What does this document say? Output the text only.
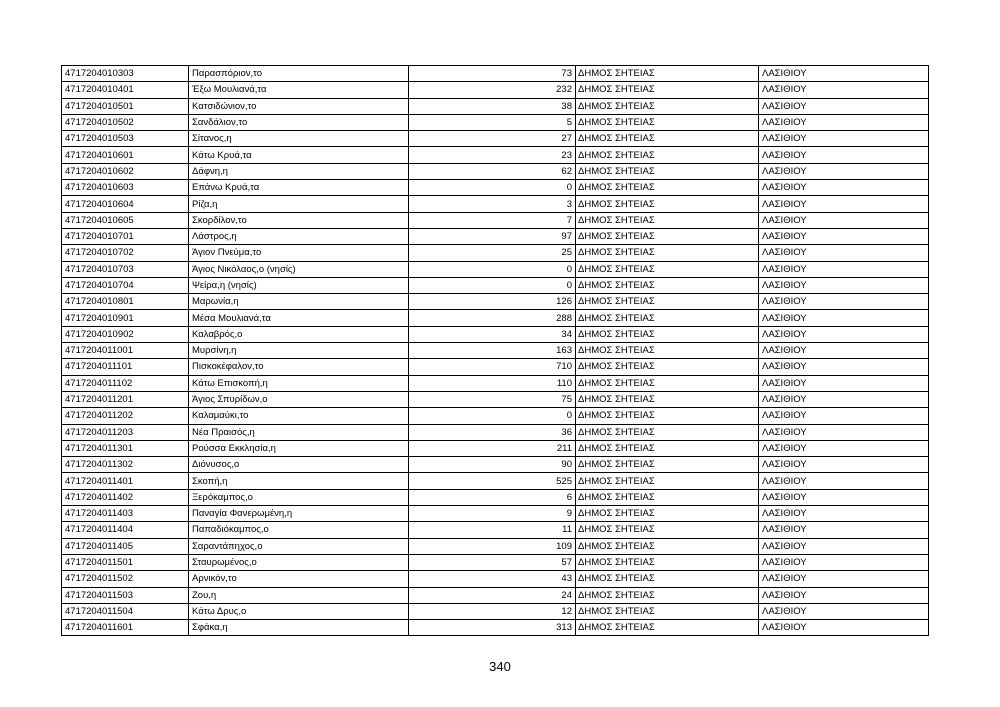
4717204010303	Παρασπόριον,το	73	ΔΗΜΟΣ ΣΗΤΕΙΑΣ	ΛΑΣΙΘΙΟΥ
4717204010401	Έξω Μουλιανά,τα	232	ΔΗΜΟΣ ΣΗΤΕΙΑΣ	ΛΑΣΙΘΙΟΥ
4717204010501	Κατσιδώνιον,το	38	ΔΗΜΟΣ ΣΗΤΕΙΑΣ	ΛΑΣΙΘΙΟΥ
4717204010502	Σανδάλιον,το	5	ΔΗΜΟΣ ΣΗΤΕΙΑΣ	ΛΑΣΙΘΙΟΥ
4717204010503	Σίτανος,η	27	ΔΗΜΟΣ ΣΗΤΕΙΑΣ	ΛΑΣΙΘΙΟΥ
4717204010601	Κάτω Κρυά,τα	23	ΔΗΜΟΣ ΣΗΤΕΙΑΣ	ΛΑΣΙΘΙΟΥ
4717204010602	Δάφνη,η	62	ΔΗΜΟΣ ΣΗΤΕΙΑΣ	ΛΑΣΙΘΙΟΥ
4717204010603	Επάνω Κρυά,τα	0	ΔΗΜΟΣ ΣΗΤΕΙΑΣ	ΛΑΣΙΘΙΟΥ
4717204010604	Ρίζα,η	3	ΔΗΜΟΣ ΣΗΤΕΙΑΣ	ΛΑΣΙΘΙΟΥ
4717204010605	Σκορδίλον,το	7	ΔΗΜΟΣ ΣΗΤΕΙΑΣ	ΛΑΣΙΘΙΟΥ
4717204010701	Λάστρος,η	97	ΔΗΜΟΣ ΣΗΤΕΙΑΣ	ΛΑΣΙΘΙΟΥ
4717204010702	Άγιον Πνεύμα,το	25	ΔΗΜΟΣ ΣΗΤΕΙΑΣ	ΛΑΣΙΘΙΟΥ
4717204010703	Άγιος Νικόλαος,ο (νησίς)	0	ΔΗΜΟΣ ΣΗΤΕΙΑΣ	ΛΑΣΙΘΙΟΥ
4717204010704	Ψείρα,η (νησίς)	0	ΔΗΜΟΣ ΣΗΤΕΙΑΣ	ΛΑΣΙΘΙΟΥ
4717204010801	Μαρωνία,η	126	ΔΗΜΟΣ ΣΗΤΕΙΑΣ	ΛΑΣΙΘΙΟΥ
4717204010901	Μέσα Μουλιανά,τα	288	ΔΗΜΟΣ ΣΗΤΕΙΑΣ	ΛΑΣΙΘΙΟΥ
4717204010902	Καλαβρός,ο	34	ΔΗΜΟΣ ΣΗΤΕΙΑΣ	ΛΑΣΙΘΙΟΥ
4717204011001	Μυρσίνη,η	163	ΔΗΜΟΣ ΣΗΤΕΙΑΣ	ΛΑΣΙΘΙΟΥ
4717204011101	Πισκοκέφαλον,το	710	ΔΗΜΟΣ ΣΗΤΕΙΑΣ	ΛΑΣΙΘΙΟΥ
4717204011102	Κάτω Επισκοπή,η	110	ΔΗΜΟΣ ΣΗΤΕΙΑΣ	ΛΑΣΙΘΙΟΥ
4717204011201	Άγιος Σπυρίδων,ο	75	ΔΗΜΟΣ ΣΗΤΕΙΑΣ	ΛΑΣΙΘΙΟΥ
4717204011202	Καλαμαύκι,το	0	ΔΗΜΟΣ ΣΗΤΕΙΑΣ	ΛΑΣΙΘΙΟΥ
4717204011203	Νέα Πραισός,η	36	ΔΗΜΟΣ ΣΗΤΕΙΑΣ	ΛΑΣΙΘΙΟΥ
4717204011301	Ρούσσα Εκκλησία,η	211	ΔΗΜΟΣ ΣΗΤΕΙΑΣ	ΛΑΣΙΘΙΟΥ
4717204011302	Διόνυσος,ο	90	ΔΗΜΟΣ ΣΗΤΕΙΑΣ	ΛΑΣΙΘΙΟΥ
4717204011401	Σκοπή,η	525	ΔΗΜΟΣ ΣΗΤΕΙΑΣ	ΛΑΣΙΘΙΟΥ
4717204011402	Ξερόκαμπος,ο	6	ΔΗΜΟΣ ΣΗΤΕΙΑΣ	ΛΑΣΙΘΙΟΥ
4717204011403	Παναγία Φανερωμένη,η	9	ΔΗΜΟΣ ΣΗΤΕΙΑΣ	ΛΑΣΙΘΙΟΥ
4717204011404	Παπαδιόκαμπος,ο	11	ΔΗΜΟΣ ΣΗΤΕΙΑΣ	ΛΑΣΙΘΙΟΥ
4717204011405	Σαραντάπηχος,ο	109	ΔΗΜΟΣ ΣΗΤΕΙΑΣ	ΛΑΣΙΘΙΟΥ
4717204011501	Σταυρωμένος,ο	57	ΔΗΜΟΣ ΣΗΤΕΙΑΣ	ΛΑΣΙΘΙΟΥ
4717204011502	Αρνικόν,το	43	ΔΗΜΟΣ ΣΗΤΕΙΑΣ	ΛΑΣΙΘΙΟΥ
4717204011503	Ζου,η	24	ΔΗΜΟΣ ΣΗΤΕΙΑΣ	ΛΑΣΙΘΙΟΥ
4717204011504	Κάτω Δρυς,ο	12	ΔΗΜΟΣ ΣΗΤΕΙΑΣ	ΛΑΣΙΘΙΟΥ
4717204011601	Σφάκα,η	313	ΔΗΜΟΣ ΣΗΤΕΙΑΣ	ΛΑΣΙΘΙΟΥ
340
